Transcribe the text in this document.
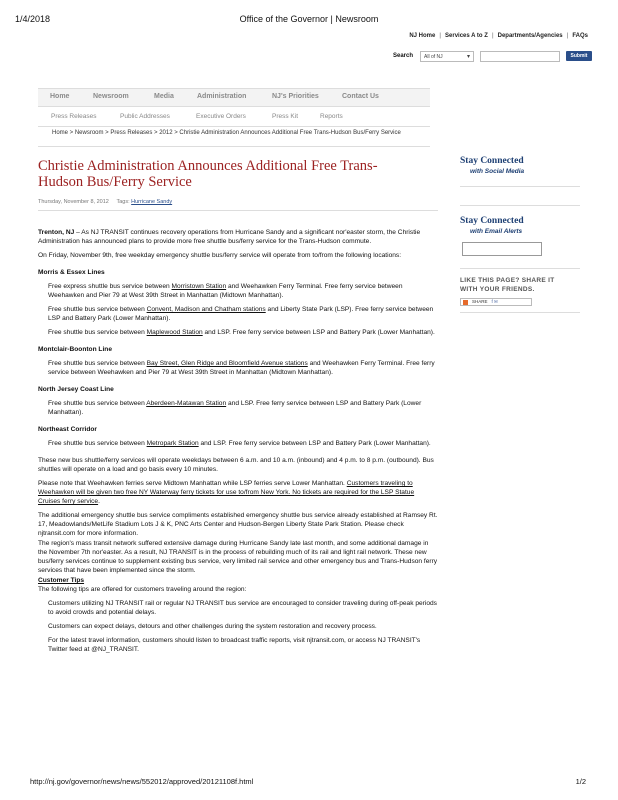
1/4/2018	Office of the Governor | Newsroom
NJ Home | Services A to Z | Departments/Agencies | FAQs
Search	All of NJ ▾	Submit
Home	Newsroom	Media	Administration	NJ's Priorities	Contact Us
Press Releases	Public Addresses	Executive Orders	Press Kit	Reports
Home > Newsroom > Press Releases > 2012 > Christie Administration Announces Additional Free Trans-Hudson Bus/Ferry Service
Christie Administration Announces Additional Free Trans-Hudson Bus/Ferry Service
Thursday, November 8, 2012 Tags: Hurricane Sandy

Trenton, NJ – As NJ TRANSIT continues recovery operations from Hurricane Sandy and a significant nor'easter storm, the Christie Administration has announced plans to provide more free shuttle bus/ferry service for the Trans-Hudson commute.

On Friday, November 9th, free weekday emergency shuttle bus/ferry service will operate from to/from the following locations:

Morris & Essex Lines

Free express shuttle bus service between Morristown Station and Weehawken Ferry Terminal. Free ferry service between Weehawken and Pier 79 at West 39th Street in Manhattan (Midtown Manhattan).

Free shuttle bus service between Convent, Madison and Chatham stations and Liberty State Park (LSP). Free ferry service between LSP and Battery Park (Lower Manhattan).

Free shuttle bus service between Maplewood Station and LSP. Free ferry service between LSP and Battery Park (Lower Manhattan).

Montclair-Boonton Line

Free shuttle bus service between Bay Street, Glen Ridge and Bloomfield Avenue stations and Weehawken Ferry Terminal. Free ferry service between Weehawken and Pier 79 at West 39th Street in Manhattan (Midtown Manhattan).

North Jersey Coast Line

Free shuttle bus service between Aberdeen-Matawan Station and LSP. Free ferry service between LSP and Battery Park (Lower Manhattan).

Northeast Corridor

Free shuttle bus service between Metropark Station and LSP. Free ferry service between LSP and Battery Park (Lower Manhattan).

These new bus shuttle/ferry services will operate weekdays between 6 a.m. and 10 a.m. (inbound) and 4 p.m. to 8 p.m. (outbound). Bus shuttles will operate on a load and go basis every 10 minutes.

Please note that Weehawken ferries serve Midtown Manhattan while LSP ferries serve Lower Manhattan. Customers traveling to Weehawken will be given two free NY Waterway ferry tickets for use to/from New York. No tickets are required for the LSP Statue Cruises ferry service.

The additional emergency shuttle bus service compliments established emergency shuttle bus service already established at Ramsey Rt. 17, Meadowlands/MetLife Stadium Lots J & K, PNC Arts Center and Hudson-Bergen Liberty State Park Station. Please check njtransit.com for more information.

The region's mass transit network suffered extensive damage during Hurricane Sandy late last month, and some additional damage in the November 7th nor'easter. As a result, NJ TRANSIT is in the process of rebuilding much of its rail and light rail network. These new bus/ferry services continue to supplement existing bus service, very limited rail service and other emergency bus and Trans-Hudson ferry services that have been implemented since the storm.

Customer Tips

The following tips are offered for customers traveling around the region:

Customers utilizing NJ TRANSIT rail or regular NJ TRANSIT bus service are encouraged to consider traveling during off-peak periods to avoid crowds and potential delays.

Customers can expect delays, detours and other challenges during the system restoration and recovery process.

For the latest travel information, customers should listen to broadcast traffic reports, visit njtransit.com, or access NJ TRANSIT's Twitter feed at @NJ_TRANSIT.

Stay Connected
with Social Media
Stay Connected
with Email Alerts
LIKE THIS PAGE? SHARE IT
WITH YOUR FRIENDS.
SHARE f ✉
http://nj.gov/governor/news/news/552012/approved/20121108f.html	1/2
